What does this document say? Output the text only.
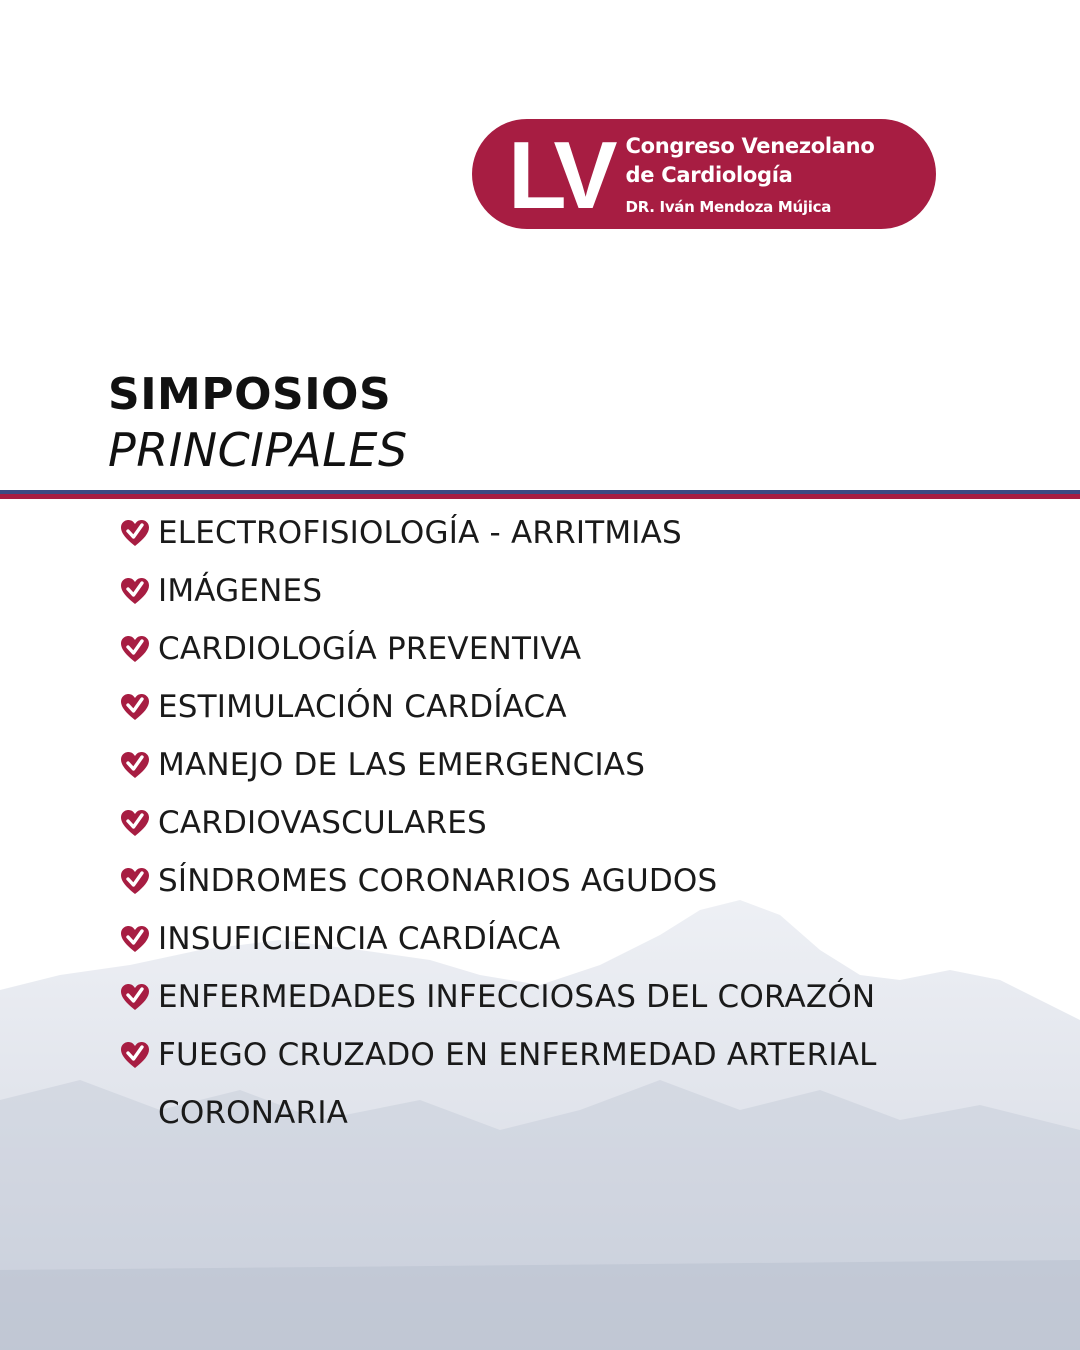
LV Congreso Venezolano
de Cardiología
DR. Iván Mendoza Mújica
SIMPOSIOS
PRINCIPALES
ELECTROFISIOLOGÍA - ARRITMIAS
IMÁGENES
CARDIOLOGÍA PREVENTIVA
ESTIMULACIÓN CARDÍACA
MANEJO DE LAS EMERGENCIAS
CARDIOVASCULARES
SÍNDROMES CORONARIOS AGUDOS
INSUFICIENCIA CARDÍACA
ENFERMEDADES INFECCIOSAS DEL CORAZÓN
FUEGO CRUZADO EN ENFERMEDAD ARTERIAL CORONARIA
